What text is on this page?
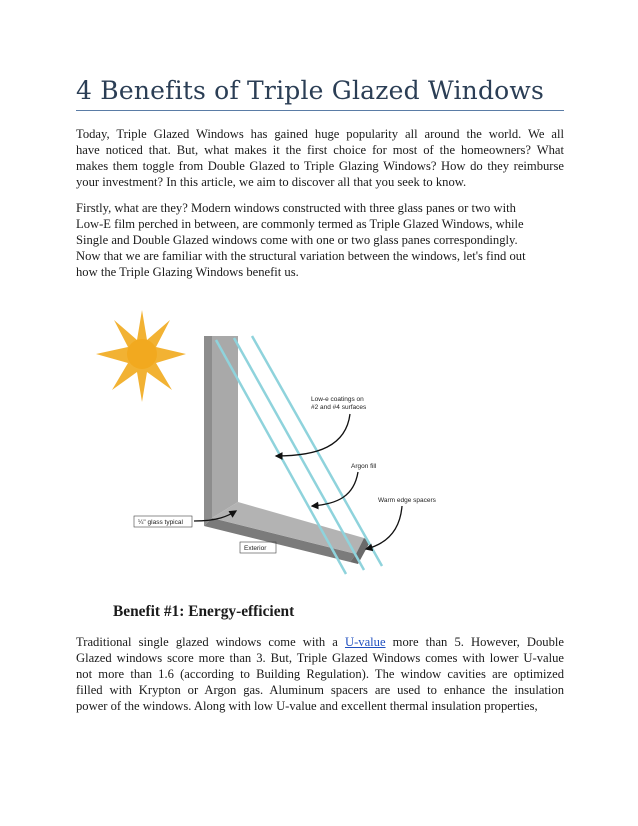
4 Benefits of Triple Glazed Windows
Today, Triple Glazed Windows has gained huge popularity all around the world. We all
have noticed that. But, what makes it the first choice for most of the homeowners? What
makes them toggle from Double Glazed to Triple Glazing Windows? How do they reimburse
your investment? In this article, we aim to discover all that you seek to know.
Firstly, what are they? Modern windows constructed with three glass panes or two with
Low-E film perched in between, are commonly termed as Triple Glazed Windows, while
Single and Double Glazed windows come with one or two glass panes correspondingly.
Now that we are familiar with the structural variation between the windows, let's find out
how the Triple Glazing Windows benefit us.
Low-e coatings on
#2 and #4 surfaces
Argon fill
Warm edge spacers
¼" glass typical
Exterior
Benefit #1: Energy-efficient
Traditional single glazed windows come with a U-value more than 5. However, Double
Glazed windows score more than 3. But, Triple Glazed Windows comes with lower U-value
not more than 1.6 (according to Building Regulation). The window cavities are optimized
filled with Krypton or Argon gas. Aluminum spacers are used to enhance the insulation
power of the windows. Along with low U-value and excellent thermal insulation properties,
